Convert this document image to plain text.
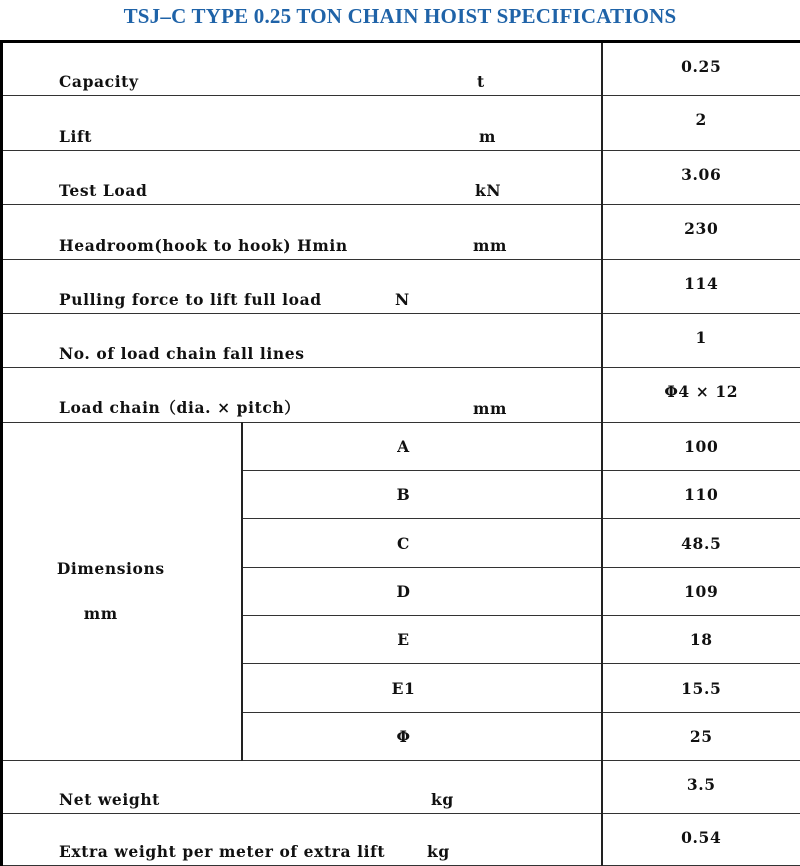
TSJ–C TYPE 0.25 TON CHAIN HOIST SPECIFICATIONS
Capacity t		0.25

Lift m		2

Test Load kN		3.06

Headroom(hook to hook) Hmin mm		230

Pulling force to lift full load N		114

No. of load chain fall lines		1

Load chain（dia. × pitch） mm		Φ4 × 12

Dimensions
mm	A	100
	B	110
	C	48.5
	D	109
	E	18
	E1	15.5
	Φ	25

Net weight kg		3.5

Extra weight per meter of extra lift kg		0.54
